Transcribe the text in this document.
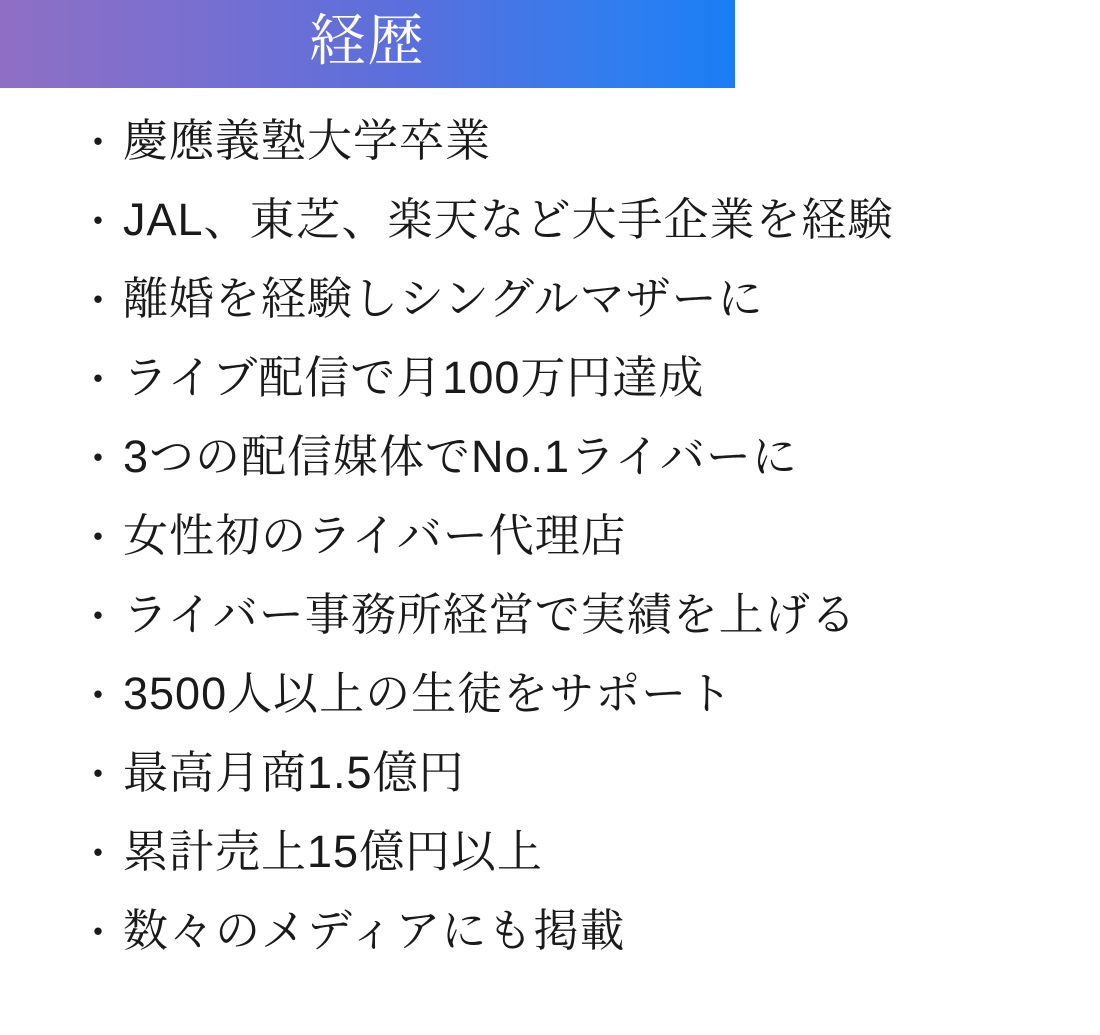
経歴
・ 慶應義塾大学卒業
・ JAL、東芝、楽天など大手企業を経験
・ 離婚を経験しシングルマザーに
・ ライブ配信で月100万円達成
・ 3つの配信媒体でNo.1ライバーに
・ 女性初のライバー代理店
・ ライバー事務所経営で実績を上げる
・ 3500人以上の生徒をサポート
・ 最高月商1.5億円
・ 累計売上15億円以上
・ 数々のメディアにも掲載
